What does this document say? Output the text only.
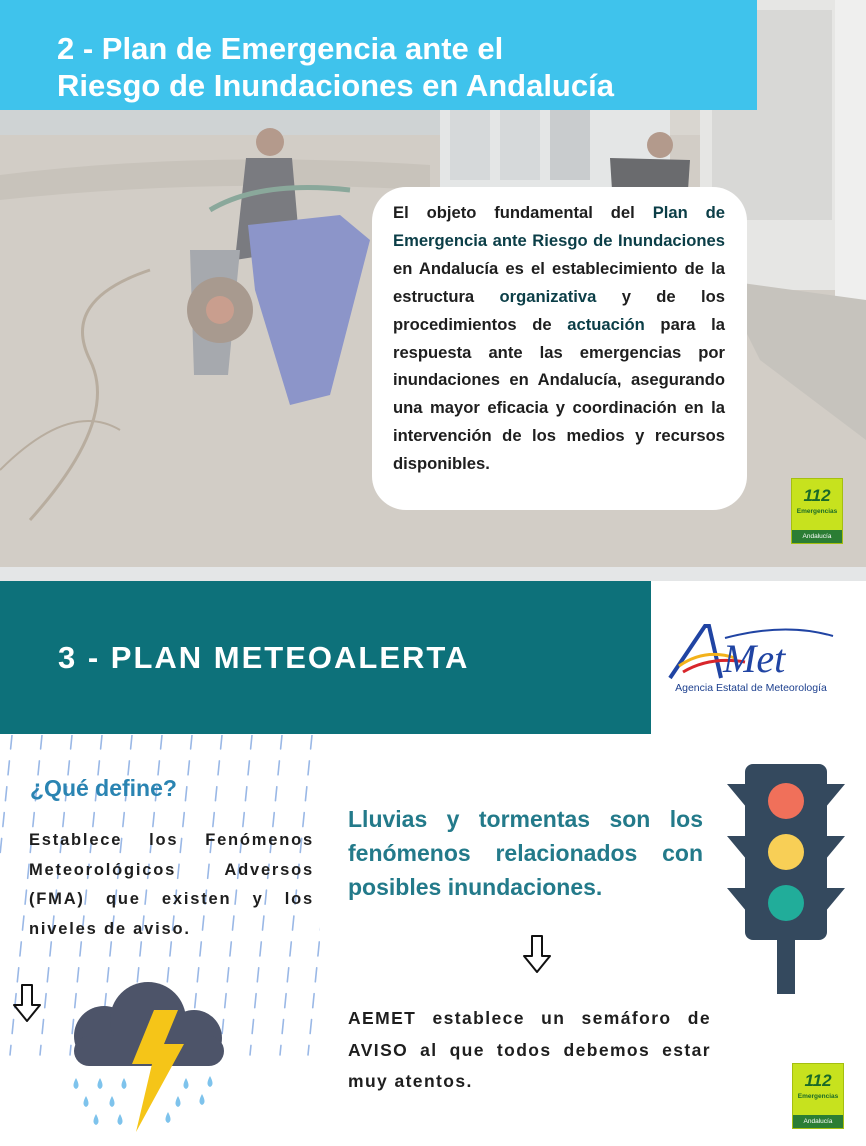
2 - Plan de Emergencia ante el
Riesgo de Inundaciones en Andalucía

El objeto fundamental del Plan de Emergencia ante Riesgo de Inundaciones en Andalucía es el establecimiento de la estructura organizativa y de los procedimientos de actuación para la respuesta ante las emergencias por inundaciones en Andalucía, asegurando una mayor eficacia y coordinación en la intervención de los medios y recursos disponibles.

112
Emergencias
Andalucía
3 - PLAN METEOALERTA	Met
Agencia Estatal de Meteorología
¿Qué define?

Establece los Fenómenos Meteorológicos Adversos (FMA) que existen y los niveles de aviso.

Lluvias y tormentas son los fenómenos relacionados con posibles inundaciones.

AEMET establece un semáforo de AVISO al que todos debemos estar muy atentos.	112
Emergencias
Andalucía
